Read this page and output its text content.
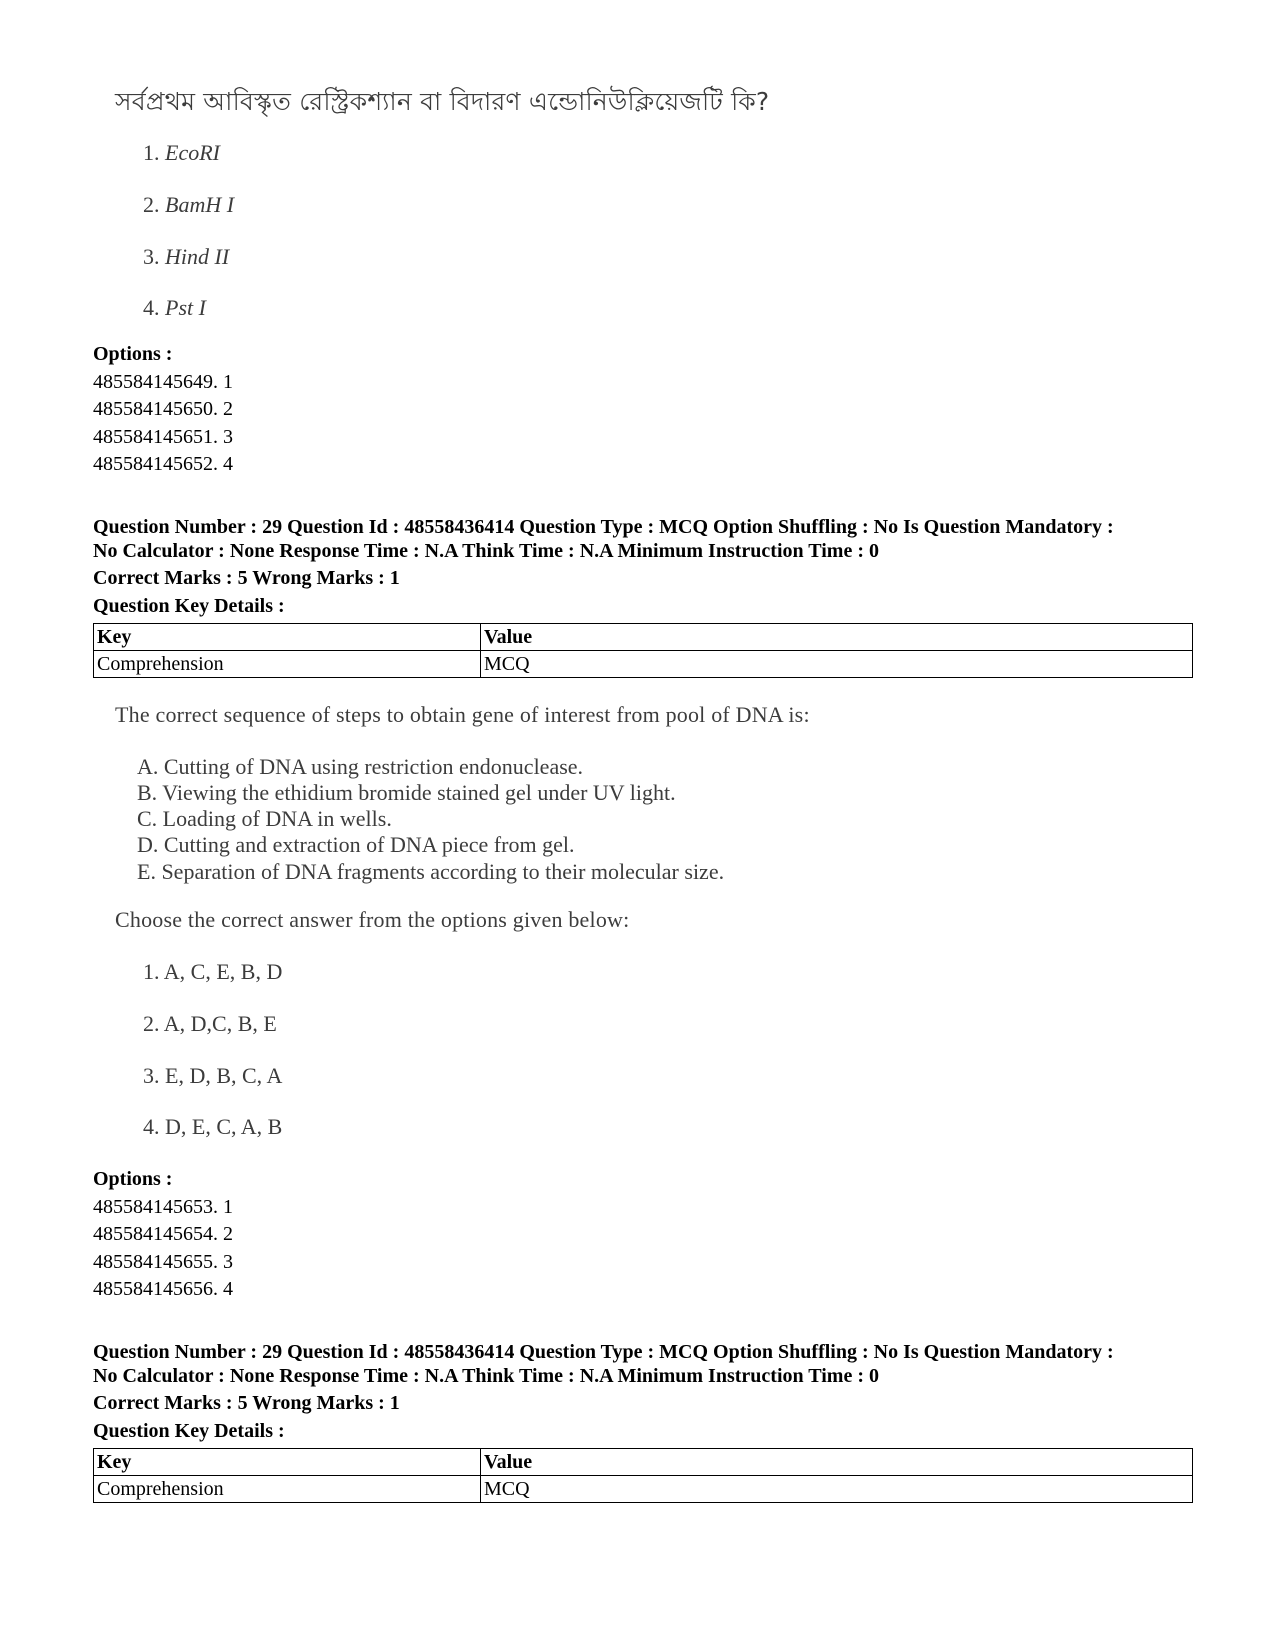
সর্বপ্রথম আবিস্কৃত রেস্ট্রিকশ্যান বা বিদারণ এন্ডোনিউক্লিয়েজটি কি?
1. EcoRI
2. BamH I
3. Hind II
4. Pst I
Options :
485584145649. 1
485584145650. 2
485584145651. 3
485584145652. 4
Question Number : 29 Question Id : 48558436414 Question Type : MCQ Option Shuffling : No Is Question Mandatory :
No Calculator : None Response Time : N.A Think Time : N.A Minimum Instruction Time : 0
Correct Marks : 5 Wrong Marks : 1
Question Key Details :
Key	Value
Comprehension	MCQ
The correct sequence of steps to obtain gene of interest from pool of DNA is:
A. Cutting of DNA using restriction endonuclease.
B. Viewing the ethidium bromide stained gel under UV light.
C. Loading of DNA in wells.
D. Cutting and extraction of DNA piece from gel.
E. Separation of DNA fragments according to their molecular size.
Choose the correct answer from the options given below:
1. A, C, E, B, D
2. A, D,C, B, E
3. E, D, B, C, A
4. D, E, C, A, B
Options :
485584145653. 1
485584145654. 2
485584145655. 3
485584145656. 4
Question Number : 29 Question Id : 48558436414 Question Type : MCQ Option Shuffling : No Is Question Mandatory :
No Calculator : None Response Time : N.A Think Time : N.A Minimum Instruction Time : 0
Correct Marks : 5 Wrong Marks : 1
Question Key Details :
Key	Value
Comprehension	MCQ
